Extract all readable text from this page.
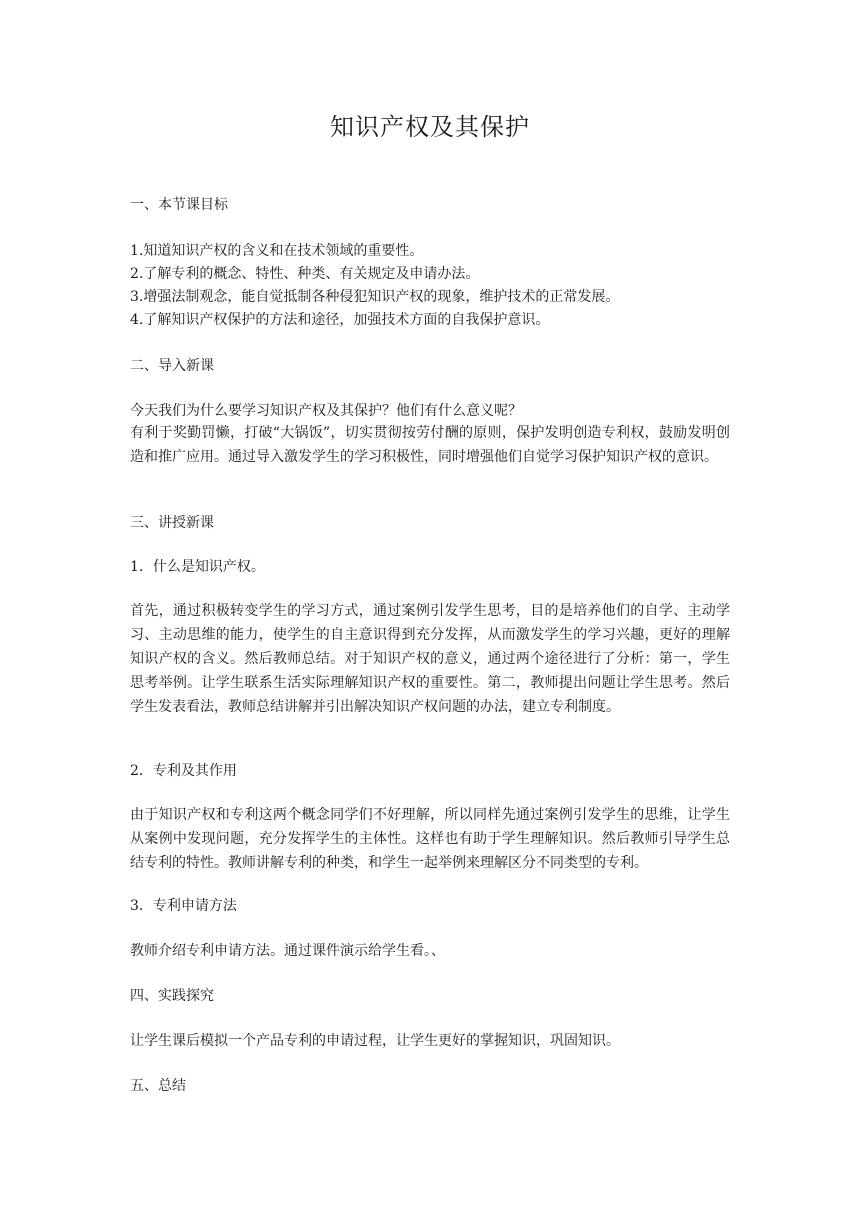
知识产权及其保护
一、本节课目标
1.知道知识产权的含义和在技术领域的重要性。
2.了解专利的概念、特性、种类、有关规定及申请办法。
3.增强法制观念，能自觉抵制各种侵犯知识产权的现象，维护技术的正常发展。
4.了解知识产权保护的方法和途径，加强技术方面的自我保护意识。
二、导入新课
今天我们为什么要学习知识产权及其保护？他们有什么意义呢？
有利于奖勤罚懒，打破“大锅饭”，切实贯彻按劳付酬的原则，保护发明创造专利权，鼓励发明创造和推广应用。通过导入激发学生的学习积极性，同时增强他们自觉学习保护知识产权的意识。
三、讲授新课
1．什么是知识产权。
首先，通过积极转变学生的学习方式，通过案例引发学生思考，目的是培养他们的自学、主动学习、主动思维的能力，使学生的自主意识得到充分发挥，从而激发学生的学习兴趣，更好的理解知识产权的含义。然后教师总结。对于知识产权的意义，通过两个途径进行了分析：第一，学生思考举例。让学生联系生活实际理解知识产权的重要性。第二，教师提出问题让学生思考。然后学生发表看法，教师总结讲解并引出解决知识产权问题的办法，建立专利制度。
2．专利及其作用
由于知识产权和专利这两个概念同学们不好理解，所以同样先通过案例引发学生的思维，让学生从案例中发现问题，充分发挥学生的主体性。这样也有助于学生理解知识。然后教师引导学生总结专利的特性。教师讲解专利的种类，和学生一起举例来理解区分不同类型的专利。
3．专利申请方法
教师介绍专利申请方法。通过课件演示给学生看。、
四、实践探究
让学生课后模拟一个产品专利的申请过程，让学生更好的掌握知识，巩固知识。
五、总结
